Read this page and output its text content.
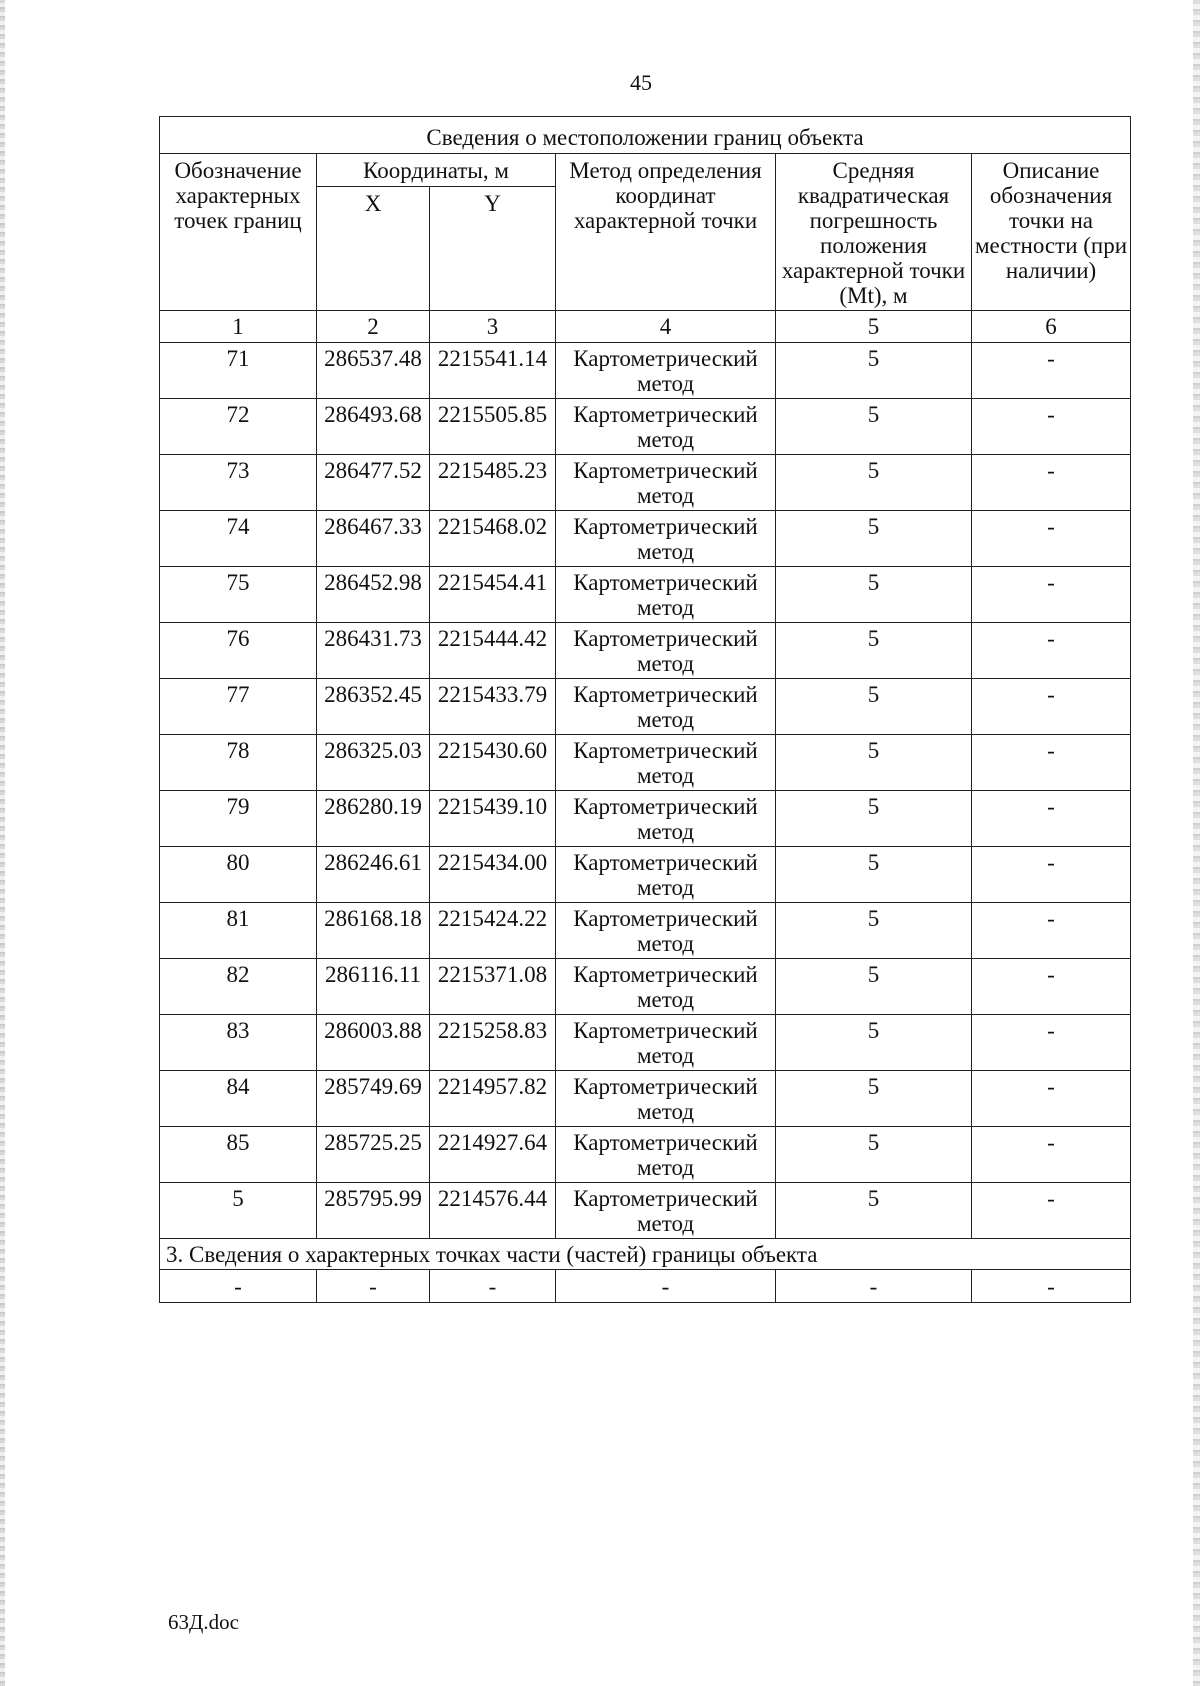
45
Сведения о местоположении границ объекта					
Обозначение характерных точек границ	Координаты, м		Метод определения координат характерной точки	Средняя квадратическая погрешность положения характерной точки (Mt), м	Описание обозначения точки на местности (при наличии)
	X	Y			
1	2	3	4	5	6
71	286537.48	2215541.14	Картометрический метод	5	-
72	286493.68	2215505.85	Картометрический метод	5	-
73	286477.52	2215485.23	Картометрический метод	5	-
74	286467.33	2215468.02	Картометрический метод	5	-
75	286452.98	2215454.41	Картометрический метод	5	-
76	286431.73	2215444.42	Картометрический метод	5	-
77	286352.45	2215433.79	Картометрический метод	5	-
78	286325.03	2215430.60	Картометрический метод	5	-
79	286280.19	2215439.10	Картометрический метод	5	-
80	286246.61	2215434.00	Картометрический метод	5	-
81	286168.18	2215424.22	Картометрический метод	5	-
82	286116.11	2215371.08	Картометрический метод	5	-
83	286003.88	2215258.83	Картометрический метод	5	-
84	285749.69	2214957.82	Картометрический метод	5	-
85	285725.25	2214927.64	Картометрический метод	5	-
5	285795.99	2214576.44	Картометрический метод	5	-
3. Сведения о характерных точках части (частей) границы объекта					
-	-	-	-	-	-
63Д.doc
